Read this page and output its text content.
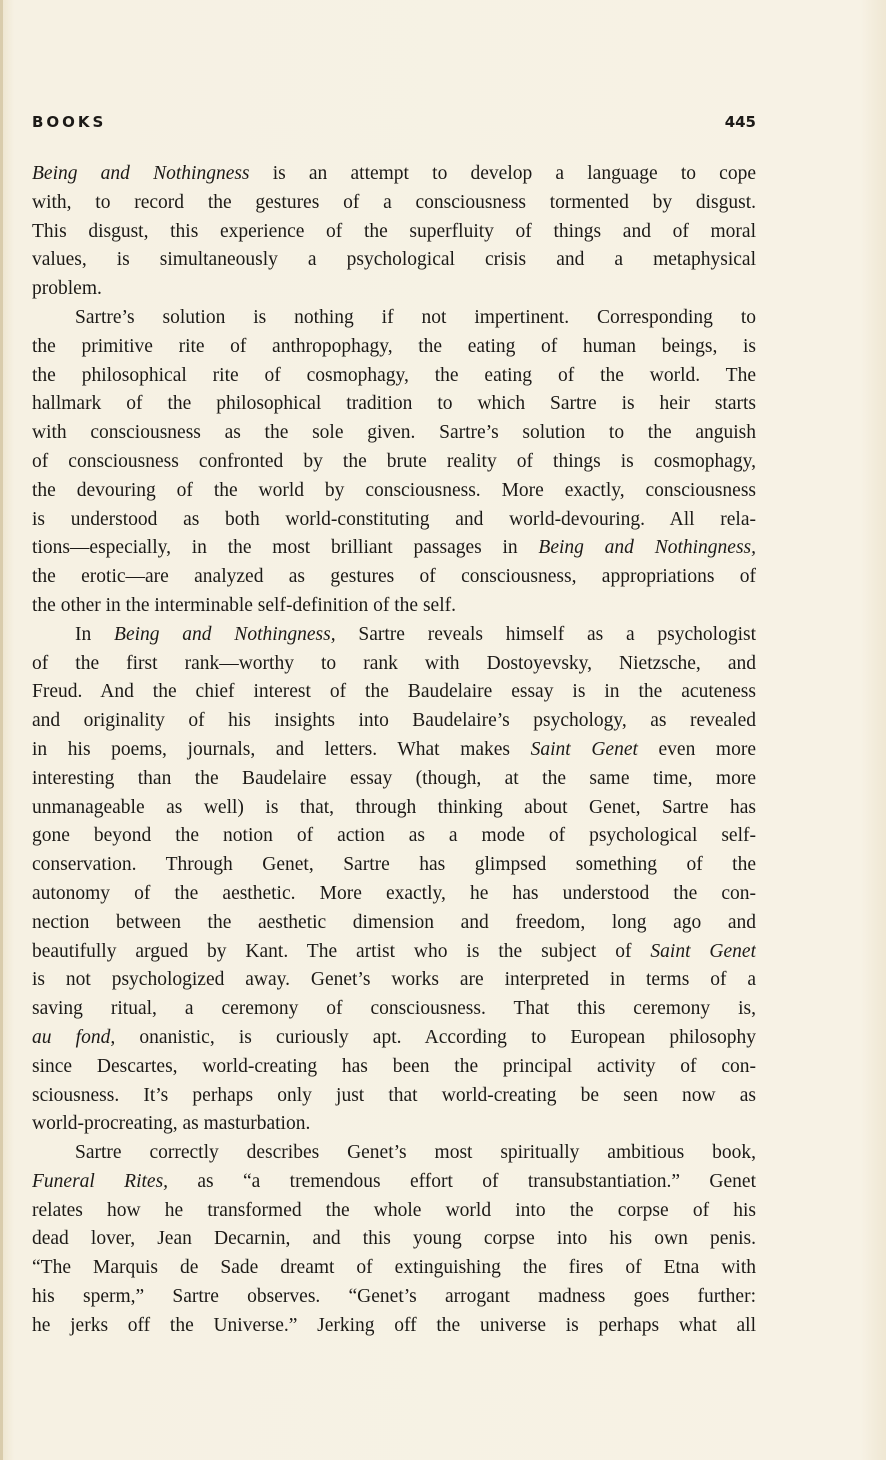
BOOKS	445
Being and Nothingness is an attempt to develop a language to cope
with, to record the gestures of a consciousness tormented by disgust.
This disgust, this experience of the superfluity of things and of moral
values, is simultaneously a psychological crisis and a metaphysical
problem.
Sartre’s solution is nothing if not impertinent. Corresponding to
the primitive rite of anthropophagy, the eating of human beings, is
the philosophical rite of cosmophagy, the eating of the world. The
hallmark of the philosophical tradition to which Sartre is heir starts
with consciousness as the sole given. Sartre’s solution to the anguish
of consciousness confronted by the brute reality of things is cosmophagy,
the devouring of the world by consciousness. More exactly, consciousness
is understood as both world-constituting and world-devouring. All rela-
tions—especially, in the most brilliant passages in Being and Nothingness,
the erotic—are analyzed as gestures of consciousness, appropriations of
the other in the interminable self-definition of the self.
In Being and Nothingness, Sartre reveals himself as a psychologist
of the first rank—worthy to rank with Dostoyevsky, Nietzsche, and
Freud. And the chief interest of the Baudelaire essay is in the acuteness
and originality of his insights into Baudelaire’s psychology, as revealed
in his poems, journals, and letters. What makes Saint Genet even more
interesting than the Baudelaire essay (though, at the same time, more
unmanageable as well) is that, through thinking about Genet, Sartre has
gone beyond the notion of action as a mode of psychological self-
conservation. Through Genet, Sartre has glimpsed something of the
autonomy of the aesthetic. More exactly, he has understood the con-
nection between the aesthetic dimension and freedom, long ago and
beautifully argued by Kant. The artist who is the subject of Saint Genet
is not psychologized away. Genet’s works are interpreted in terms of a
saving ritual, a ceremony of consciousness. That this ceremony is,
au fond, onanistic, is curiously apt. According to European philosophy
since Descartes, world-creating has been the principal activity of con-
sciousness. It’s perhaps only just that world-creating be seen now as
world-procreating, as masturbation.
Sartre correctly describes Genet’s most spiritually ambitious book,
Funeral Rites, as “a tremendous effort of transubstantiation.” Genet
relates how he transformed the whole world into the corpse of his
dead lover, Jean Decarnin, and this young corpse into his own penis.
“The Marquis de Sade dreamt of extinguishing the fires of Etna with
his sperm,” Sartre observes. “Genet’s arrogant madness goes further:
he jerks off the Universe.” Jerking off the universe is perhaps what all
